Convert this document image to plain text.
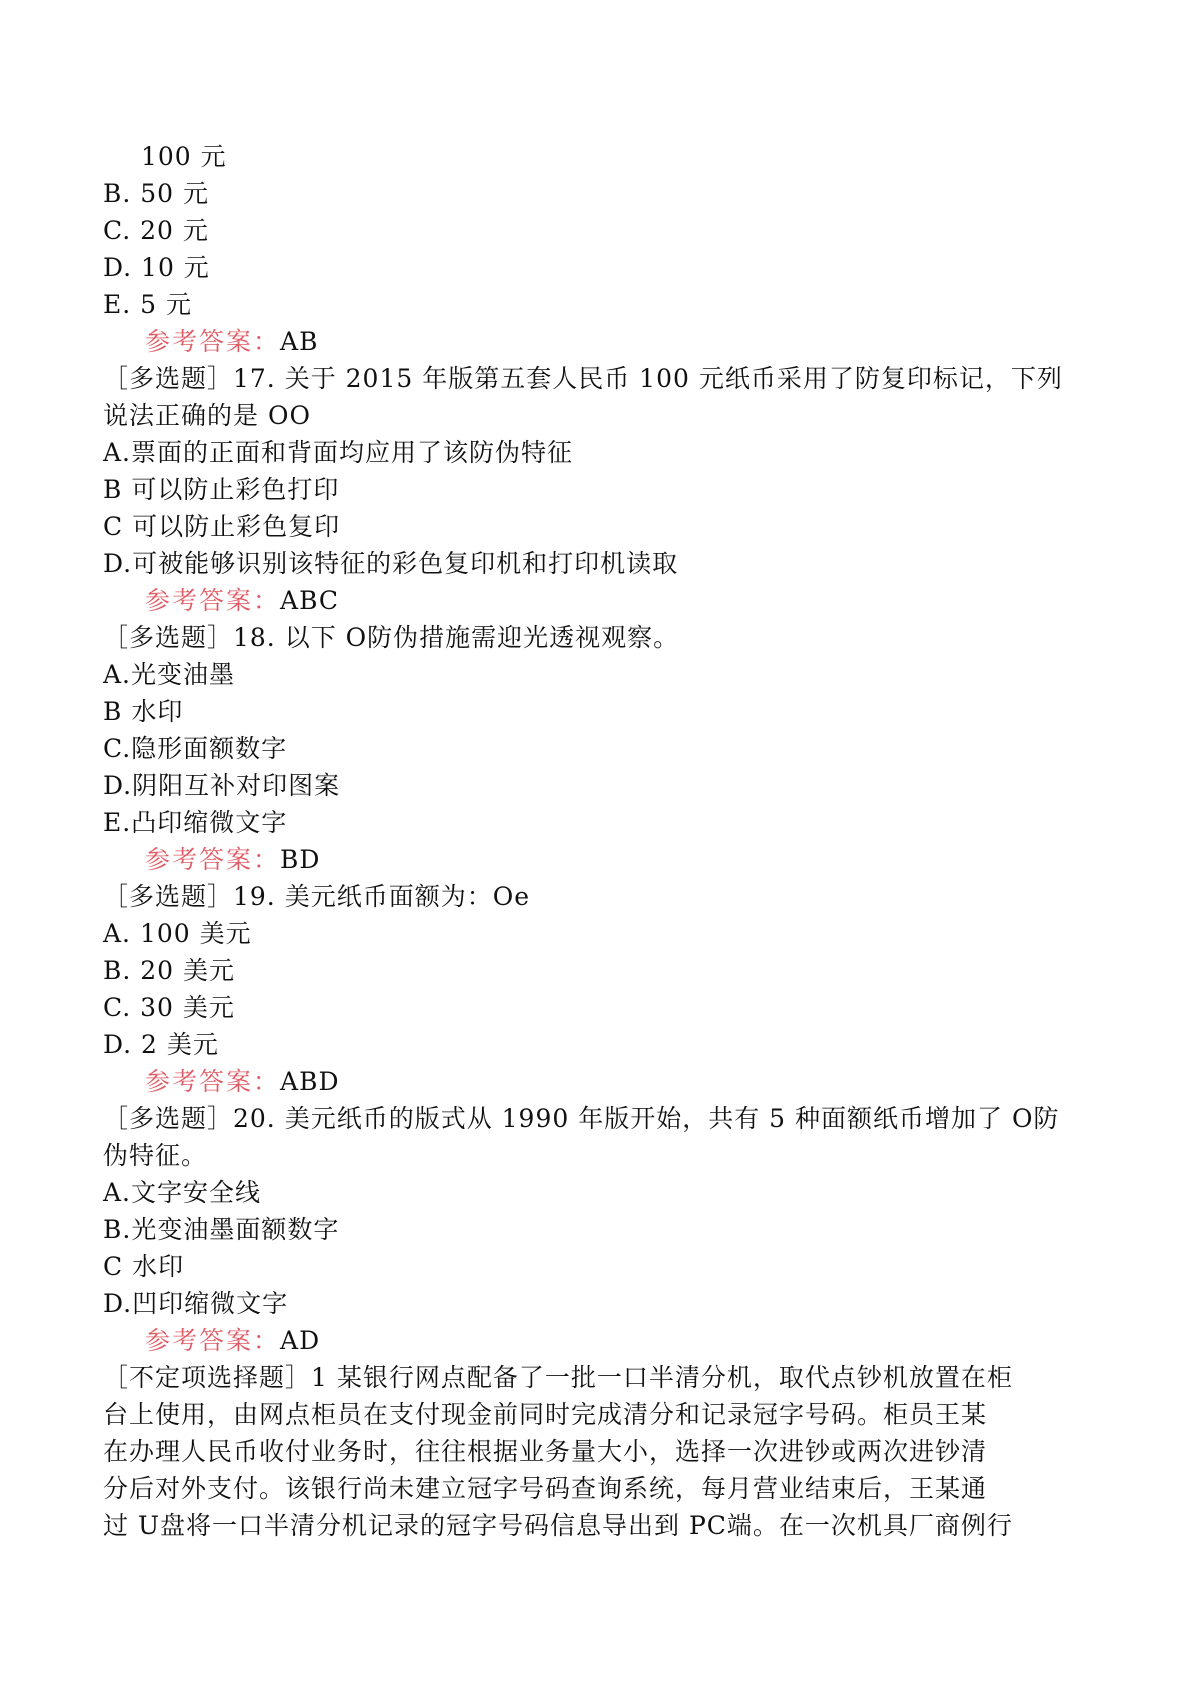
100 元
B. 50 元
C. 20 元
D. 10 元
E. 5 元
参考答案：AB
［多选题］17. 关于 2015 年版第五套人民币 100 元纸币采用了防复印标记，下列
说法正确的是 OO
A.票面的正面和背面均应用了该防伪特征
B 可以防止彩色打印
C 可以防止彩色复印
D.可被能够识别该特征的彩色复印机和打印机读取
参考答案：ABC
［多选题］18. 以下 O防伪措施需迎光透视观察。
A.光变油墨
B 水印
C.隐形面额数字
D.阴阳互补对印图案
E.凸印缩微文字
参考答案：BD
［多选题］19. 美元纸币面额为：Oe
A. 100 美元
B. 20 美元
C. 30 美元
D. 2 美元
参考答案：ABD
［多选题］20. 美元纸币的版式从 1990 年版开始，共有 5 种面额纸币增加了 O防
伪特征。
A.文字安全线
B.光变油墨面额数字
C 水印
D.凹印缩微文字
参考答案：AD
［不定项选择题］1 某银行网点配备了一批一口半清分机，取代点钞机放置在柜
台上使用，由网点柜员在支付现金前同时完成清分和记录冠字号码。柜员王某
在办理人民币收付业务时，往往根据业务量大小，选择一次进钞或两次进钞清
分后对外支付。该银行尚未建立冠字号码查询系统，每月营业结束后，王某通
过 U盘将一口半清分机记录的冠字号码信息导出到 PC端。在一次机具厂商例行
